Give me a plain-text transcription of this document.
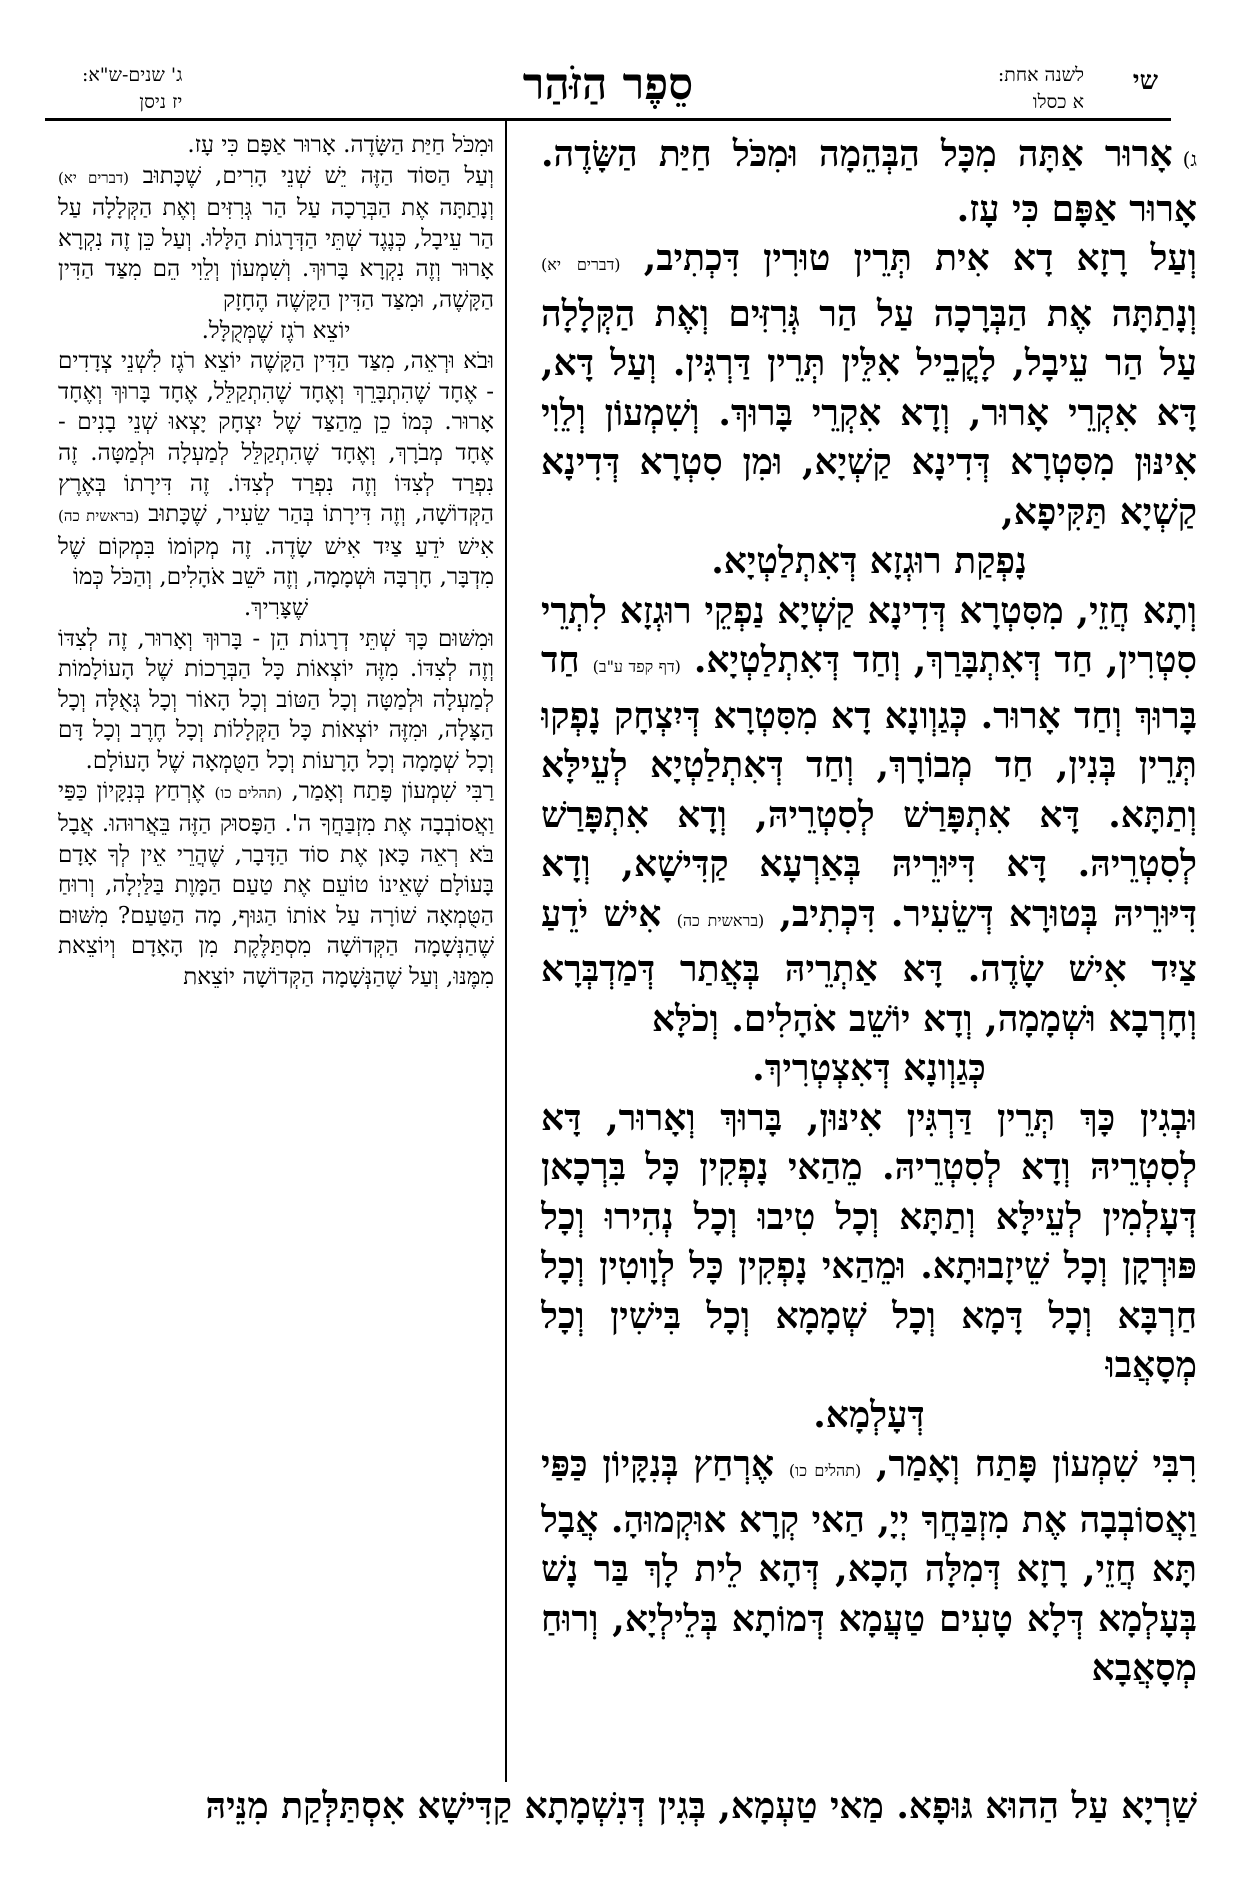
שי
לשנה אחת:
א כסלו
סֵפֶר הַזֹּהַר
ג' שנים-ש"א:
יז ניסן

ג)אָרוּר אַתָּה מִכָּל הַבְּהֵמָה וּמִכֹּל חַיַּת הַשָּׂדֶה. אָרוּר אַפָּם כִּי עָז.

וְעַל רָזָא דָא אִית תְּרֵין טוּרִין דִּכְתִיב, (דברים יא) וְנָתַתָּה אֶת הַבְּרָכָה עַל הַר גְּרִזִּים וְאֶת הַקְּלָלָה עַל הַר עֵיבָל, לָקֳבֵיל אִלֵּין תְּרֵין דַּרְגִּין. וְעַל דָּא, דָּא אִקְרֵי אָרוּר, וְדָא אִקְרֵי בָּרוּךְ. וְשִׁמְעוֹן וְלֵוִי אִינּוּן מִסִּטְרָא דְּדִינָא קַשְׁיָא, וּמִן סִטְרָא דְּדִינָא קַשְׁיָא תַּקִּיפָא,

נָפְקַת רוּגְזָא דְּאִתְלַטְיָא.

וְתָא חֲזֵי, מִסִּטְרָא דְּדִינָא קַשְׁיָא נַפְקֵי רוּגְזָא לִתְרֵי סִטְרִין, חַד דְּאִתְבָּרַךְ, וְחַד דְּאִתְלַטְיָא. (דף קפד ע"ב) חַד בָּרוּךְ וְחַד אָרוּר. כְּגַוְונָא דָא מִסִּטְרָא דְּיִצְחָק נָפְקוּ תְּרֵין בְּנִין, חַד מְבוֹרָךְ, וְחַד דְּאִתְלַטְיָא לְעֵילָּא וְתַתָּא. דָּא אִתְפָּרַשׁ לְסִטְרֵיהּ, וְדָא אִתְפָּרַשׁ לְסִטְרֵיהּ. דָּא דִּיּוּרֵיהּ בְּאַרְעָא קַדִּישָׁא, וְדָא דִּיּוּרֵיהּ בְּטוּרָא דְּשֵׂעִיר. דִּכְתִיב, (בראשית כה) אִישׁ יֹדֵעַ צַיִד אִישׁ שָׂדֶה. דָּא אַתְרֵיהּ בְּאֲתַר דְּמַדְבְּרָא וְחָרְבָא וּשְׁמָמָה, וְדָא יוֹשֵׁב אֹהָלִים. וְכֹלָּא

כְּגַוְונָא דְּאִצְטְרִיךְ.

וּבְגִין כָּךְ תְּרֵין דַּרְגִּין אִינּוּן, בָּרוּךְ וְאָרוּר, דָּא לְסִטְרֵיהּ וְדָא לְסִטְרֵיהּ. מֵהַאי נָפְקִין כָּל בִּרְכָאן דְּעָלְמִין לְעֵילָּא וְתַתָּא וְכָל טִיבוּ וְכָל נְהִירוּ וְכָל פּוּרְקָן וְכָל שֵׁיזָבוּתָא. וּמֵהַאי נָפְקִין כָּל לְוָוטִין וְכָל חַרְבָּא וְכָל דָּמָא וְכָל שְׁמָמָא וְכָל בִּישִׁין וְכָל מְסָאֲבוּ

דְּעָלְמָא.

רִבִּי שִׁמְעוֹן פָּתַח וְאָמַר, (תהלים כו) אֶרְחַץ בְּנִקָּיוֹן כַּפַּי וַאֲסוֹבְבָה אֶת מִזְבַּחֲךָ יְיָ, הַאי קְרָא אוּקְמוּהָ. אֲבָל תָּא חֲזֵי, רָזָא דְּמִלָּה הָכָא, דְּהָא לֵית לָךְ בַּר נָשׁ בְּעָלְמָא דְּלָא טָעִים טַעֲמָא דְּמוֹתָא בְּלֵילְיָא, וְרוּחַ מְסָאֲבָא

וּמִכֹּל חַיַּת הַשָּׂדֶה. אָרוּר אַפָּם כִּי עָז.

וְעַל הַסּוֹד הַזֶּה יֵשׁ שְׁנֵי הָרִים, שֶׁכָּתוּב (דברים יא) וְנָתַתָּה אֶת הַבְּרָכָה עַל הַר גְּרִזִּים וְאֶת הַקְּלָלָה עַל הַר עֵיבָל, כְּנֶגֶד שְׁתֵּי הַדְּרָגוֹת הַלָּלוּ. וְעַל כֵּן זֶה נִקְרָא אָרוּר וְזֶה נִקְרָא בָּרוּךְ. וְשִׁמְעוֹן וְלֵוִי הֵם מִצַּד הַדִּין הַקָּשֶׁה, וּמִצַּד הַדִּין הַקָּשֶׁה הֶחָזָק

יוֹצֵא רֹגֶז שֶׁמְּקֻלָּל.

וּבֹא וּרְאֵה, מִצַּד הַדִּין הַקָּשֶׁה יוֹצֵא רֹגֶז לִשְׁנֵי צְדָדִים - אֶחָד שֶׁהִתְבָּרֵךְ וְאֶחָד שֶׁהִתְקַלֵּל, אֶחָד בָּרוּךְ וְאֶחָד אָרוּר. כְּמוֹ כֵן מֵהַצַּד שֶׁל יִצְחָק יָצְאוּ שְׁנֵי בָנִים - אֶחָד מְבֹרָךְ, וְאֶחָד שֶׁהִתְקַלֵּל לְמַעְלָה וּלְמַטָּה. זֶה נִפְרַד לְצִדּוֹ וְזֶה נִפְרַד לְצִדּוֹ. זֶה דִּירָתוֹ בְּאֶרֶץ הַקְּדוֹשָׁה, וְזֶה דִּירָתוֹ בְּהַר שֵׂעִיר, שֶׁכָּתוּב (בראשית כה) אִישׁ יֹדֵעַ צַיִד אִישׁ שָׂדֶה. זֶה מְקוֹמוֹ בִּמְקוֹם שֶׁל מִדְבָּר, חָרְבָּה וּשְׁמָמָה, וְזֶה יֹשֵׁב אֹהָלִים, וְהַכֹּל כְּמוֹ

שֶׁצָּרִיךְ.

וּמִשּׁוּם כָּךְ שְׁתֵּי דְרָגוֹת הֵן - בָּרוּךְ וְאָרוּר, זֶה לְצִדּוֹ וְזֶה לְצִדּוֹ. מִזֶּה יוֹצְאוֹת כָּל הַבְּרָכוֹת שֶׁל הָעוֹלָמוֹת לְמַעְלָה וּלְמַטָּה וְכָל הַטּוֹב וְכָל הָאוֹר וְכָל גְּאֻלָּה וְכָל הַצָּלָה, וּמִזֶּה יוֹצְאוֹת כָּל הַקְּלָלוֹת וְכָל חֶרֶב וְכָל דָּם וְכָל שְׁמָמָה וְכָל הָרָעוֹת וְכָל הַטֻּמְאָה שֶׁל הָעוֹלָם.

רַבִּי שִׁמְעוֹן פָּתַח וְאָמַר, (תהלים כו) אֶרְחַץ בְּנִקָּיוֹן כַּפַּי וַאֲסוֹבְבָה אֶת מִזְבַּחֲךָ ה'. הַפָּסוּק הַזֶּה בֵּאֲרוּהוּ. אֲבָל בֹּא רְאֵה כָּאן אֶת סוֹד הַדָּבָר, שֶׁהֲרֵי אֵין לְךָ אָדָם בָּעוֹלָם שֶׁאֵינוֹ טוֹעֵם אֶת טַעַם הַמָּוֶת בַּלַּיְלָה, וְרוּחַ הַטֻּמְאָה שׁוֹרָה עַל אוֹתוֹ הַגּוּף, מָה הַטַּעַם? מִשּׁוּם שֶׁהַנְּשָׁמָה הַקְּדוֹשָׁה מִסְתַּלֶּקֶת מִן הָאָדָם וְיוֹצֵאת מִמֶּנּוּ, וְעַל שֶׁהַנְּשָׁמָה הַקְּדוֹשָׁה יוֹצֵאת

שַׁרְיָא עַל הַהוּא גּוּפָא. מַאי טַעְמָא, בְּגִין דְּנִשְׁמָתָא קַדִּישָׁא אִסְתַּלְּקַת מִנֵּיהּ
